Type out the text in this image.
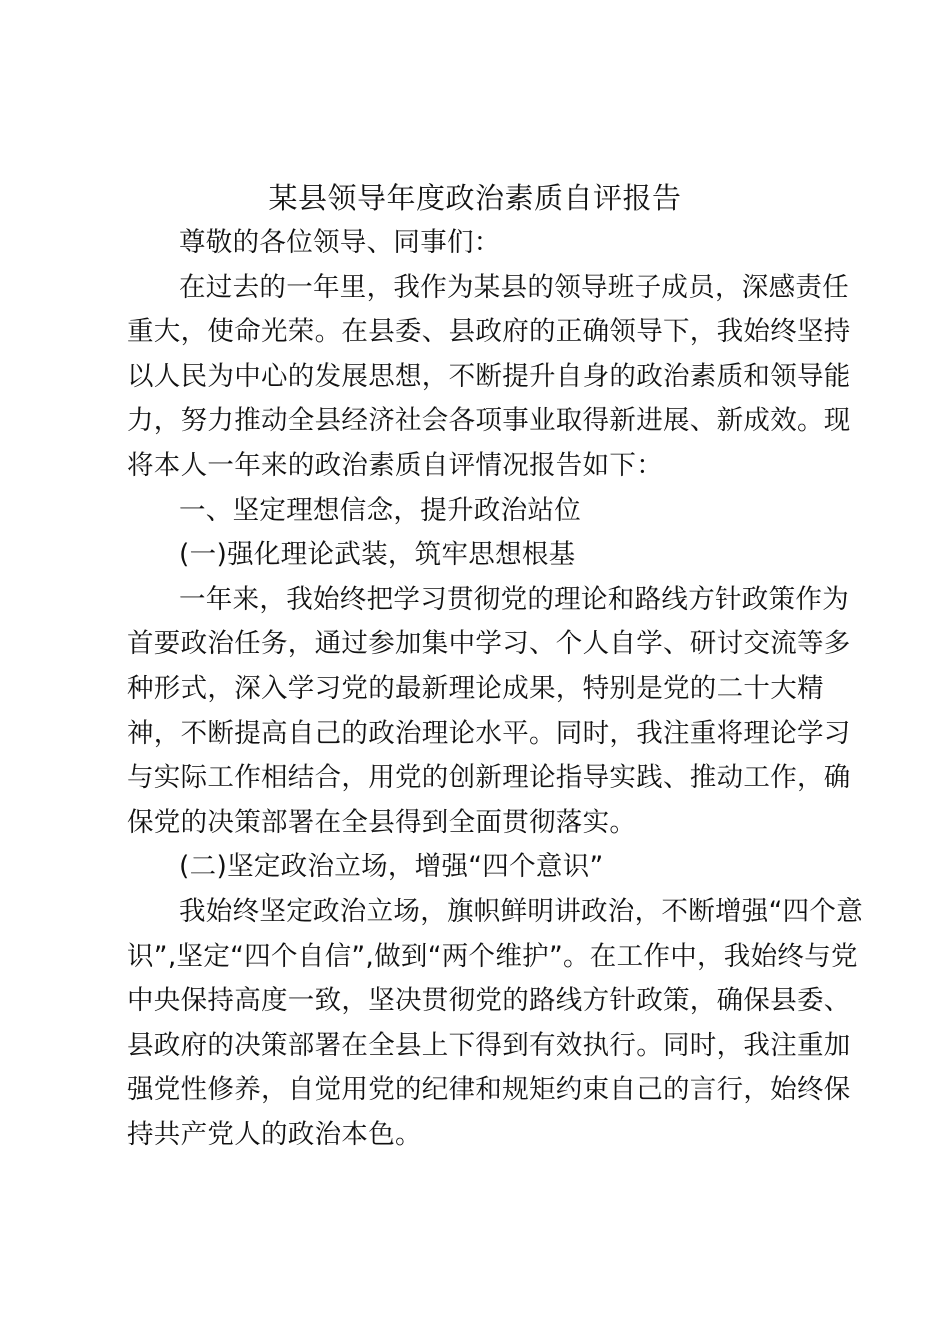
某县领导年度政治素质自评报告
尊敬的各位领导、同事们：
在过去的一年里，我作为某县的领导班子成员，深感责任
重大，使命光荣。在县委、县政府的正确领导下，我始终坚持
以人民为中心的发展思想，不断提升自身的政治素质和领导能
力，努力推动全县经济社会各项事业取得新进展、新成效。现
将本人一年来的政治素质自评情况报告如下：
一、坚定理想信念，提升政治站位
(一)强化理论武装，筑牢思想根基
一年来，我始终把学习贯彻党的理论和路线方针政策作为
首要政治任务，通过参加集中学习、个人自学、研讨交流等多
种形式，深入学习党的最新理论成果，特别是党的二十大精
神，不断提高自己的政治理论水平。同时，我注重将理论学习
与实际工作相结合，用党的创新理论指导实践、推动工作，确
保党的决策部署在全县得到全面贯彻落实。
(二)坚定政治立场，增强“四个意识”
我始终坚定政治立场，旗帜鲜明讲政治，不断增强“四个意
识”,坚定“四个自信”,做到“两个维护”。在工作中，我始终与党
中央保持高度一致，坚决贯彻党的路线方针政策，确保县委、
县政府的决策部署在全县上下得到有效执行。同时，我注重加
强党性修养，自觉用党的纪律和规矩约束自己的言行，始终保
持共产党人的政治本色。
